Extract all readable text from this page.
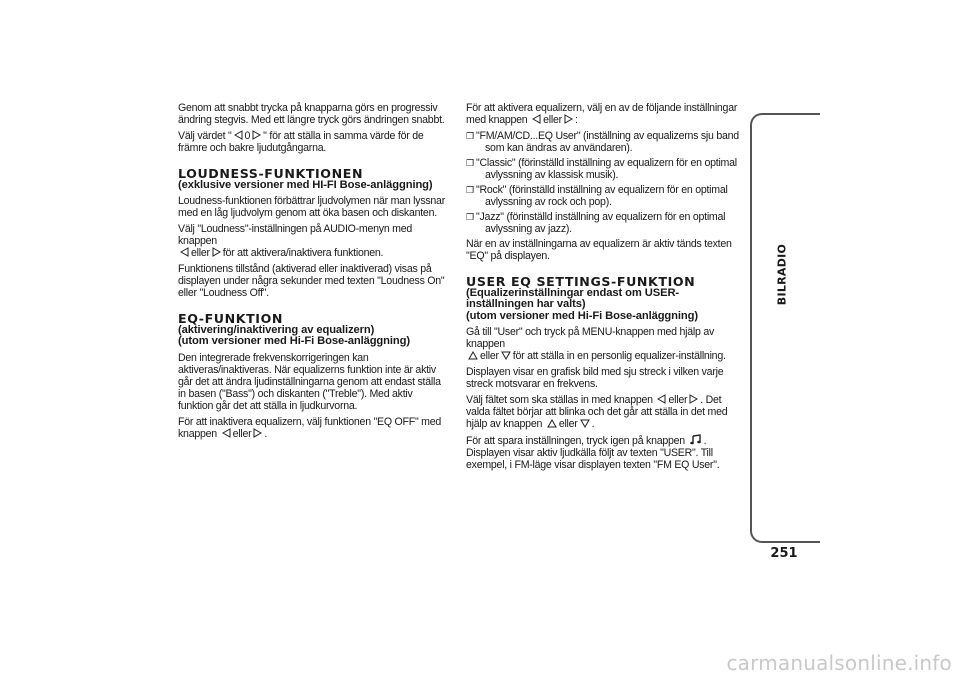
Genom att snabbt trycka på knapparna görs en progressiv ändring stegvis. Med ett längre tryck görs ändringen snabbt.

Välj värdet " 0 " för att ställa in samma värde för de främre och bakre ljudutgångarna.

LOUDNESS-FUNKTIONEN
(exklusive versioner med HI-FI Bose-anläggning)

Loudness-funktionen förbättrar ljudvolymen när man lyssnar med en låg ljudvolym genom att öka basen och diskanten.

Välj "Loudness"-inställningen på AUDIO-menyn med knappen
eller för att aktivera/inaktivera funktionen.

Funktionens tillstånd (aktiverad eller inaktiverad) visas på displayen under några sekunder med texten "Loudness On" eller "Loudness Off".

EQ-FUNKTION
(aktivering/inaktivering av equalizern)
(utom versioner med Hi-Fi Bose-anläggning)

Den integrerade frekvenskorrigeringen kan aktiveras/inaktiveras. När equalizerns funktion inte är aktiv går det att ändra ljudinställningarna genom att endast ställa in basen ("Bass") och diskanten ("Treble"). Med aktiv funktion går det att ställa in ljudkurvorna.

För att inaktivera equalizern, välj funktionen "EQ OFF" med knappen eller .

För att aktivera equalizern, välj en av de följande inställningar med knappen eller :

❒ "FM/AM/CD...EQ User" (inställning av equalizerns sju band
som kan ändras av användaren).
❒ "Classic" (förinställd inställning av equalizern för en optimal
avlyssning av klassisk musik).
❒ "Rock" (förinställd inställning av equalizern för en optimal
avlyssning av rock och pop).
❒ "Jazz" (förinställd inställning av equalizern för en optimal
avlyssning av jazz).

När en av inställningarna av equalizern är aktiv tänds texten "EQ" på displayen.

USER EQ SETTINGS-FUNKTION
(Equalizerinställningar endast om USER-inställningen har valts)
(utom versioner med Hi-Fi Bose-anläggning)

Gå till "User" och tryck på MENU-knappen med hjälp av knappen
eller för att ställa in en personlig equalizer-inställning.

Displayen visar en grafisk bild med sju streck i vilken varje streck motsvarar en frekvens.

Välj fältet som ska ställas in med knappen eller . Det valda fältet börjar att blinka och det går att ställa in det med hjälp av knappen eller .

För att spara inställningen, tryck igen på knappen . Displayen visar aktiv ljudkälla följt av texten "USER". Till exempel, i FM-läge visar displayen texten "FM EQ User".

BILRADIO
251
carmanualsonline.info
